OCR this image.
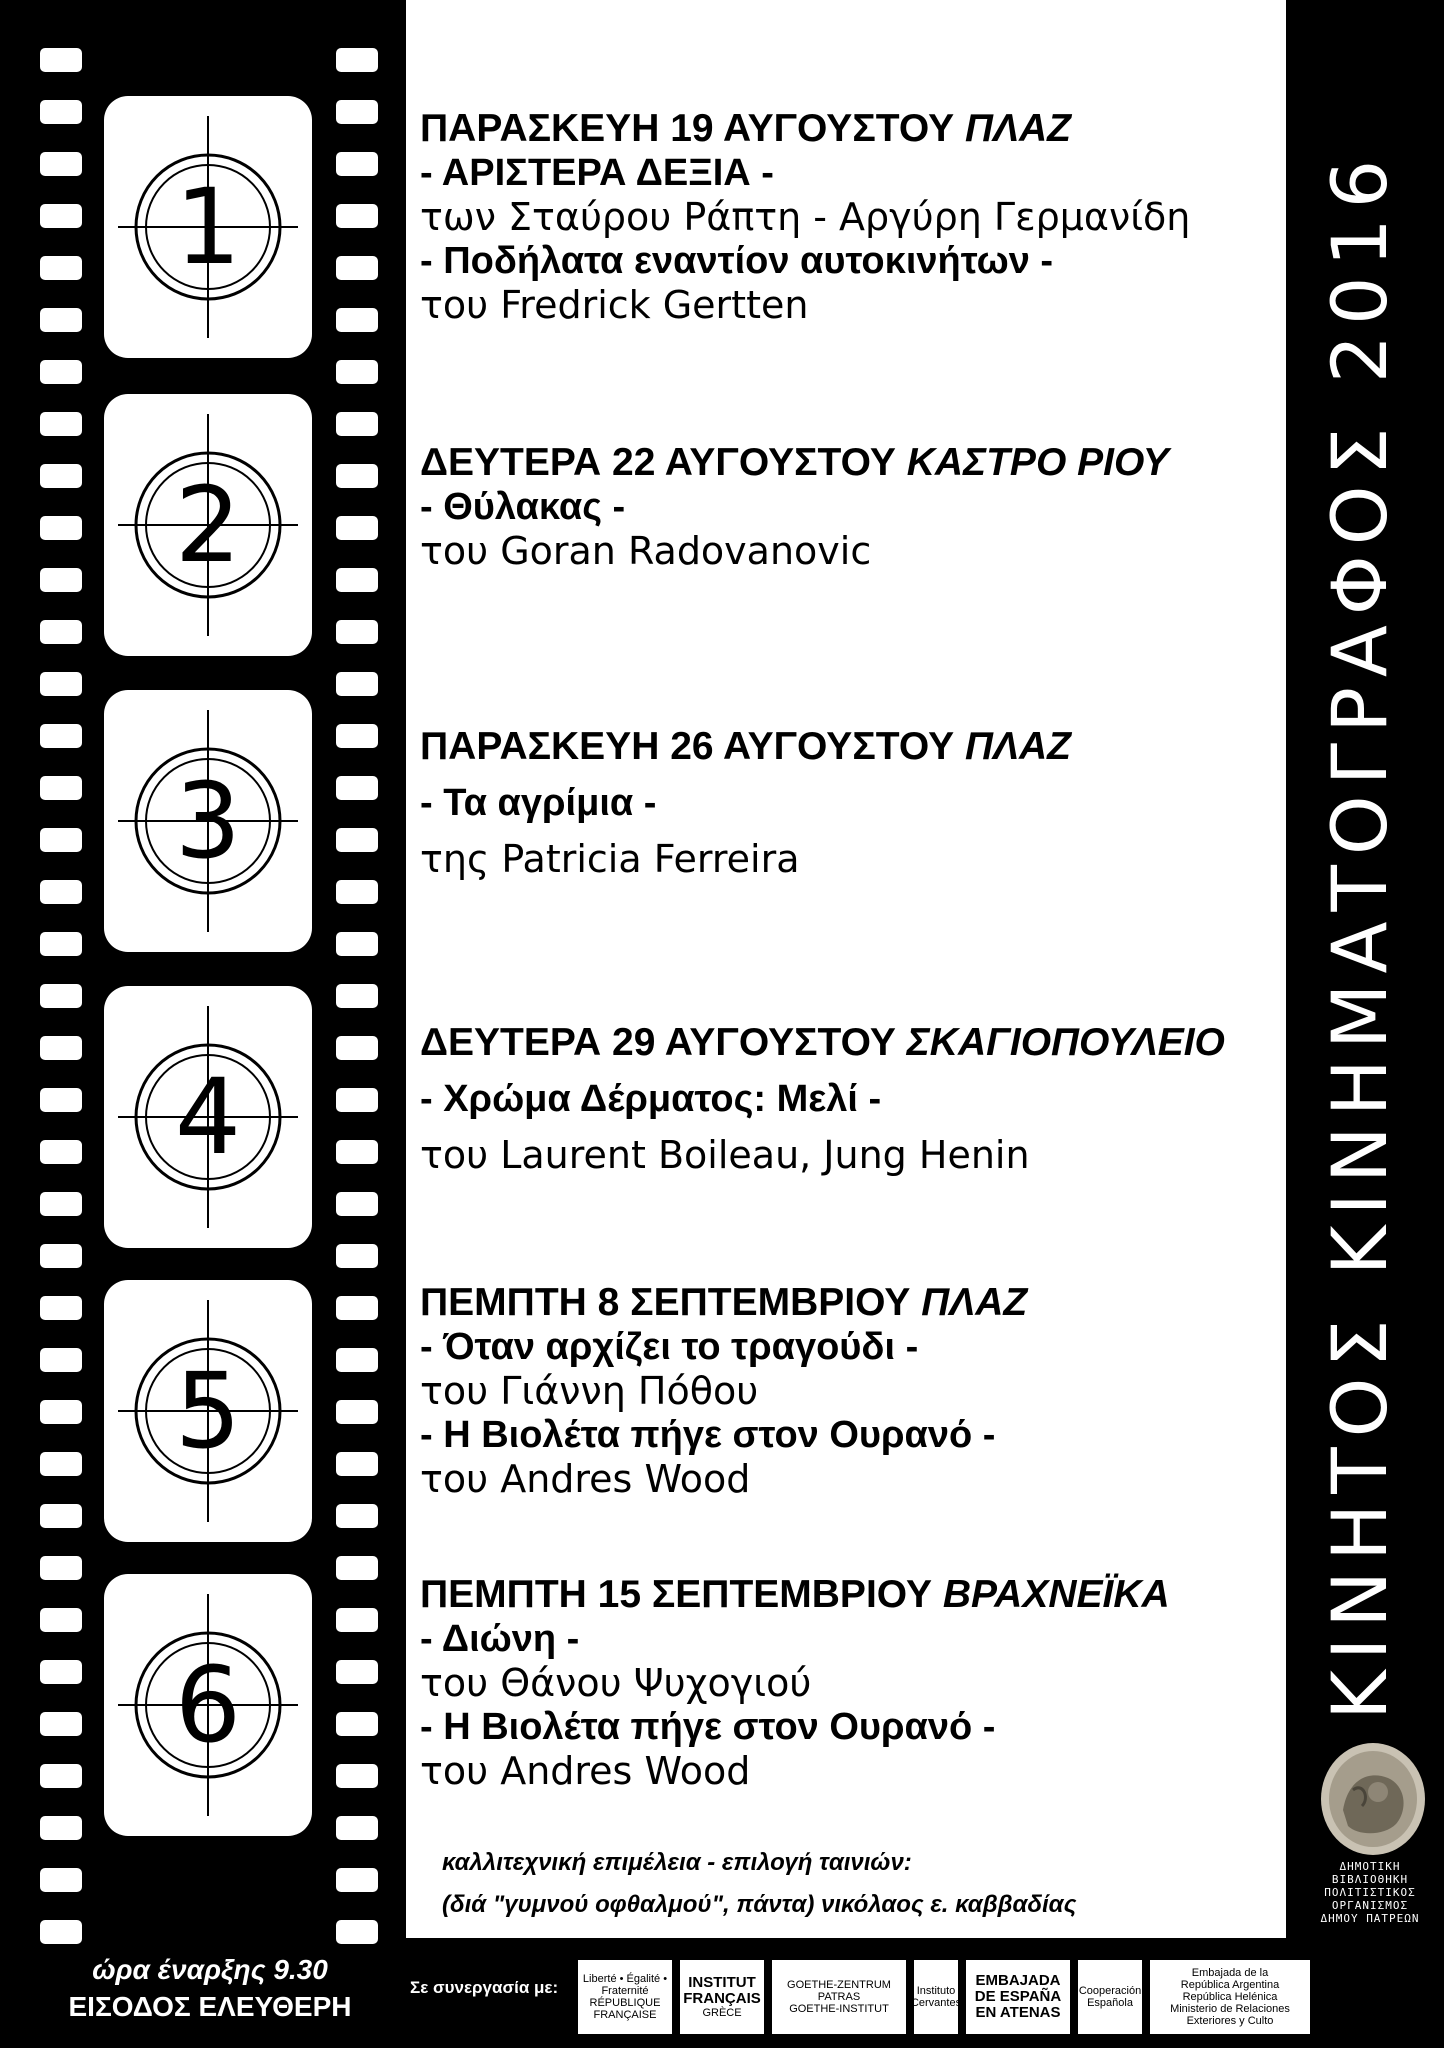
1
2
3
4
5
6
ΠΑΡΑΣΚΕΥΗ 19 ΑΥΓΟΥΣΤΟΥ ΠΛΑΖ
- ΑΡΙΣΤΕΡΑ ΔΕΞΙΑ -
των Σταύρου Ράπτη - Αργύρη Γερμανίδη
- Ποδήλατα εναντίον αυτοκινήτων -
του Fredrick Gertten
ΔΕΥΤΕΡΑ 22 ΑΥΓΟΥΣΤΟΥ ΚΑΣΤΡΟ ΡΙΟΥ
- Θύλακας -
του Goran Radovanovic
ΠΑΡΑΣΚΕΥΗ 26 ΑΥΓΟΥΣΤΟΥ ΠΛΑΖ
- Τα αγρίμια -
της Patricia Ferreira
ΔΕΥΤΕΡΑ 29 ΑΥΓΟΥΣΤΟΥ ΣΚΑΓΙΟΠΟΥΛΕΙΟ
- Χρώμα Δέρματος: Μελί -
του Laurent Boileau, Jung Henin
ΠΕΜΠΤΗ 8 ΣΕΠΤΕΜΒΡΙΟΥ ΠΛΑΖ
- Όταν αρχίζει το τραγούδι -
του Γιάννη Πόθου
- Η Βιολέτα πήγε στον Ουρανό -
του Andres Wood
ΠΕΜΠΤΗ 15 ΣΕΠΤΕΜΒΡΙΟΥ ΒΡΑΧΝΕΪΚΑ
- Διώνη -
του Θάνου Ψυχογιού
- Η Βιολέτα πήγε στον Ουρανό -
του Andres Wood
καλλιτεχνική επιμέλεια - επιλογή ταινιών:
(διά "γυμνού οφθαλμού", πάντα) νικόλαος ε. καββαδίας
ΚΙΝΗΤΟΣ ΚΙΝΗΜΑΤΟΓΡΑΦΟΣ 2016
ΔΗΜΟΤΙΚΗ ΒΙΒΛΙΟΘΗΚΗ
ΠΟΛΙΤΙΣΤΙΚΟΣ
ΟΡΓΑΝΙΣΜΟΣ
ΔΗΜΟΥ ΠΑΤΡΕΩΝ
ώρα έναρξης 9.30
ΕΙΣΟΔΟΣ ΕΛΕΥΘΕΡΗ
Σε συνεργασία με:	Liberté • Égalité • Fraternité
RÉPUBLIQUE FRANÇAISE
INSTITUT
FRANÇAIS
GRÈCE
GOETHE-ZENTRUM PATRAS
GOETHE-INSTITUT
Instituto
Cervantes
EMBAJADA
DE ESPAÑA
EN ATENAS
Cooperación
Española
Embajada de la
República Argentina
República Helénica
Ministerio de Relaciones Exteriores y Culto
